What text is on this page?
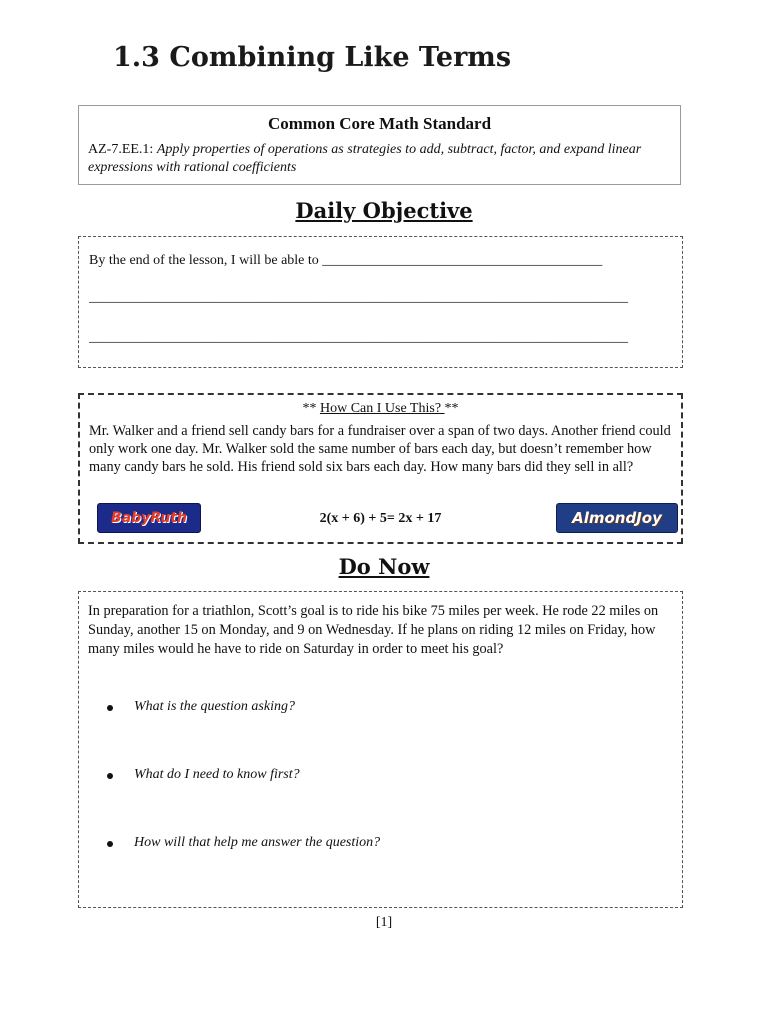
1.3 Combining Like Terms
Common Core Math Standard
AZ-7.EE.1: Apply properties of operations as strategies to add, subtract, factor, and expand linear expressions with rational coefficients
Daily Objective
By the end of the lesson, I will be able to ________________________________________
_____________________________________________________________________________
_____________________________________________________________________________
** How Can I Use This? **
Mr. Walker and a friend sell candy bars for a fundraiser over a span of two days. Another friend could only work one day. Mr. Walker sold the same number of bars each day, but doesn’t remember how many candy bars he sold. His friend sold six bars each day. How many bars did they sell in all?
BabyRuth	2(x + 6) + 5= 2x + 17	AlmondJoy
Do Now
In preparation for a triathlon, Scott’s goal is to ride his bike 75 miles per week. He rode 22 miles on Sunday, another 15 on Monday, and 9 on Wednesday. If he plans on riding 12 miles on Friday, how many miles would he have to ride on Saturday in order to meet his goal?
What is the question asking?
What do I need to know first?
How will that help me answer the question?
[1]
